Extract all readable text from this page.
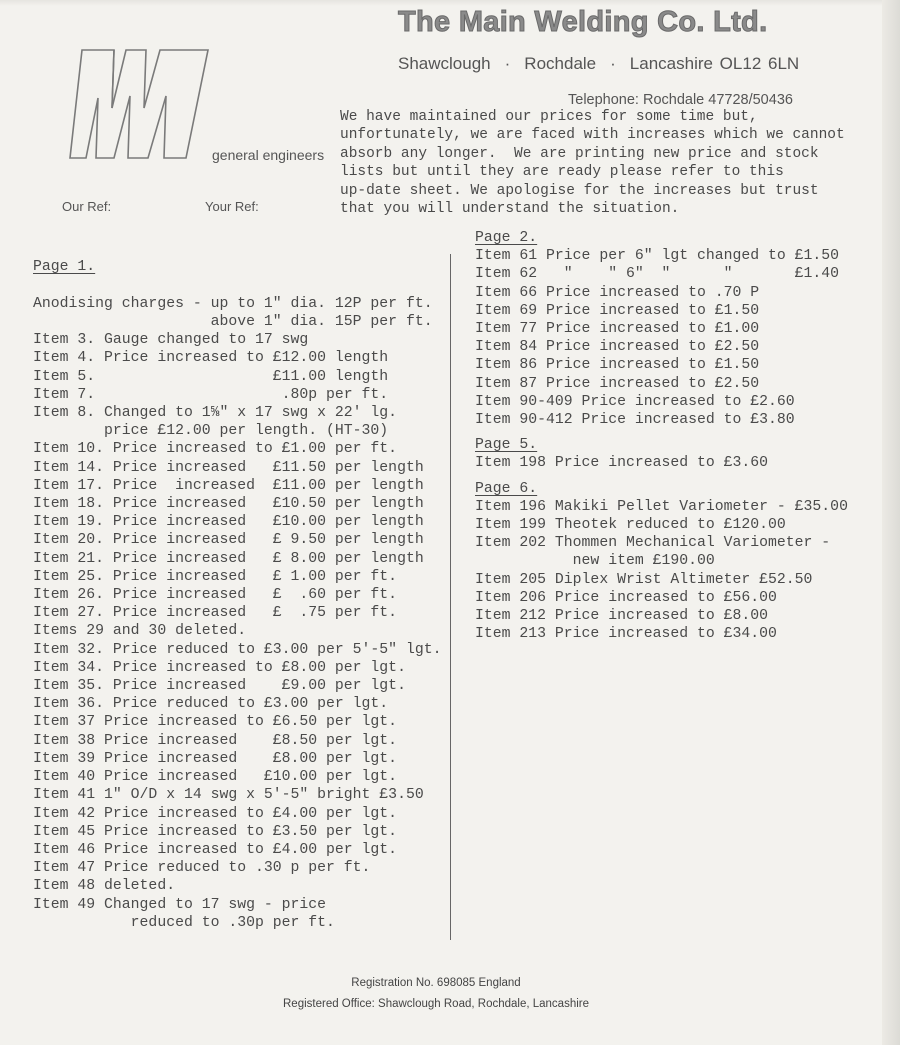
general engineers
The Main Welding Co. Ltd.
Shawclough · Rochdale · Lancashire OL12 6LN
Telephone: Rochdale 47728/50436
We have maintained our prices for some time but,
unfortunately, we are faced with increases which we cannot
absorb any longer.  We are printing new price and stock
lists but until they are ready please refer to this
up-date sheet. We apologise for the increases but trust
that you will understand the situation.
Our Ref:	Your Ref:

Page 1.

Anodising charges - up to 1" dia. 12P per ft.
above 1" dia. 15P per ft.
Item 3. Gauge changed to 17 swg
Item 4. Price increased to £12.00 length
Item 5.                    £11.00 length
Item 7.                     .80p per ft.
Item 8. Changed to 1⅝" x 17 swg x 22' lg.
price £12.00 per length. (HT-30)
Item 10. Price increased to £1.00 per ft.
Item 14. Price increased   £11.50 per length
Item 17. Price  increased  £11.00 per length
Item 18. Price increased   £10.50 per length
Item 19. Price increased   £10.00 per length
Item 20. Price increased   £ 9.50 per length
Item 21. Price increased   £ 8.00 per length
Item 25. Price increased   £ 1.00 per ft.
Item 26. Price increased   £  .60 per ft.
Item 27. Price increased   £  .75 per ft.
Items 29 and 30 deleted.
Item 32. Price reduced to £3.00 per 5'-5" lgt.
Item 34. Price increased to £8.00 per lgt.
Item 35. Price increased    £9.00 per lgt.
Item 36. Price reduced to £3.00 per lgt.
Item 37 Price increased to £6.50 per lgt.
Item 38 Price increased    £8.50 per lgt.
Item 39 Price increased    £8.00 per lgt.
Item 40 Price increased   £10.00 per lgt.
Item 41 1" O/D x 14 swg x 5'-5" bright £3.50
Item 42 Price increased to £4.00 per lgt.
Item 45 Price increased to £3.50 per lgt.
Item 46 Price increased to £4.00 per lgt.
Item 47 Price reduced to .30 p per ft.
Item 48 deleted.
Item 49 Changed to 17 swg - price
reduced to .30p per ft.
Page 2.
Item 61 Price per 6" lgt changed to £1.50
Item 62   "    " 6"  "      "       £1.40
Item 66 Price increased to .70 P
Item 69 Price increased to £1.50
Item 77 Price increased to £1.00
Item 84 Price increased to £2.50
Item 86 Price increased to £1.50
Item 87 Price increased to £2.50
Item 90-409 Price increased to £2.60
Item 90-412 Price increased to £3.80
Page 5.
Item 198 Price increased to £3.60
Page 6.
Item 196 Makiki Pellet Variometer - £35.00
Item 199 Theotek reduced to £120.00
Item 202 Thommen Mechanical Variometer -
new item £190.00
Item 205 Diplex Wrist Altimeter £52.50
Item 206 Price increased to £56.00
Item 212 Price increased to £8.00
Item 213 Price increased to £34.00
Registration No. 698085 England
Registered Office: Shawclough Road, Rochdale, Lancashire
